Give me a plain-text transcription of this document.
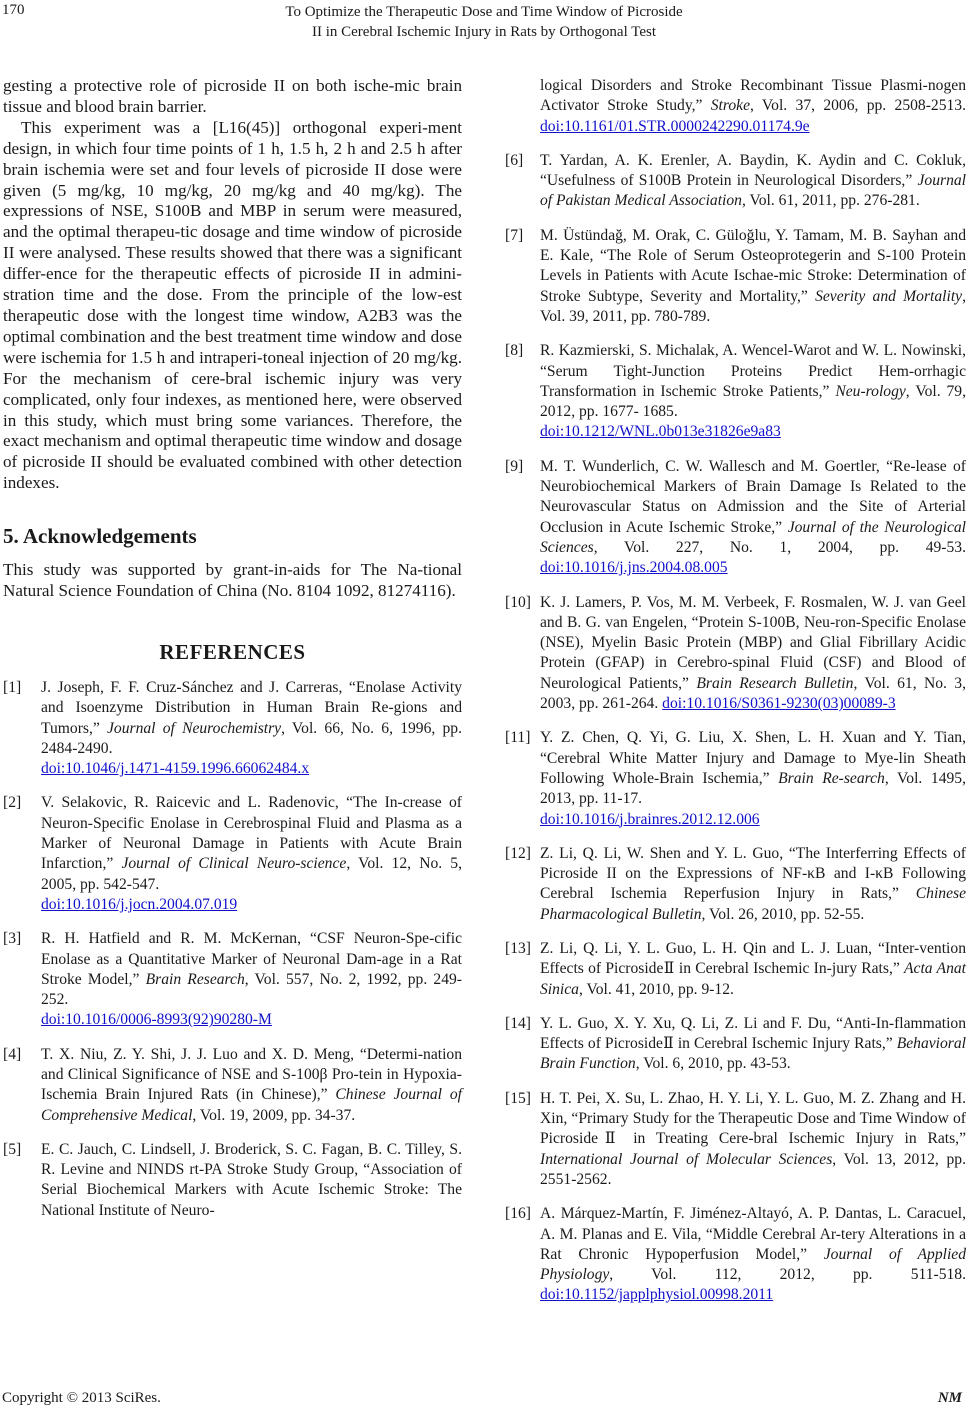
170	To Optimize the Therapeutic Dose and Time Window of Picroside
II in Cerebral Ischemic Injury in Rats by Orthogonal Test

gesting a protective role of picroside II on both ische-mic brain tissue and blood brain barrier.

This experiment was a [L16(45)] orthogonal experi-ment design, in which four time points of 1 h, 1.5 h, 2 h and 2.5 h after brain ischemia were set and four levels of picroside II dose were given (5 mg/kg, 10 mg/kg, 20 mg/kg and 40 mg/kg). The expressions of NSE, S100B and MBP in serum were measured, and the optimal therapeu-tic dosage and time window of picroside II were analysed. These results showed that there was a significant differ-ence for the therapeutic effects of picroside II in admini-stration time and the dose. From the principle of the low-est therapeutic dose with the longest time window, A2B3 was the optimal combination and the best treatment time window and dose were ischemia for 1.5 h and intraperi-toneal injection of 20 mg/kg. For the mechanism of cere-bral ischemic injury was very complicated, only four indexes, as mentioned here, were observed in this study, which must bring some variances. Therefore, the exact mechanism and optimal therapeutic time window and dosage of picroside II should be evaluated combined with other detection indexes.

5. Acknowledgements

This study was supported by grant-in-aids for The Na-tional Natural Science Foundation of China (No. 8104 1092, 81274116).

REFERENCES
[1] J. Joseph, F. F. Cruz-Sánchez and J. Carreras, “Enolase Activity and Isoenzyme Distribution in Human Brain Re-gions and Tumors,” Journal of Neurochemistry, Vol. 66, No. 6, 1996, pp. 2484-2490.
doi:10.1046/j.1471-4159.1996.66062484.x
[2] V. Selakovic, R. Raicevic and L. Radenovic, “The In-crease of Neuron-Specific Enolase in Cerebrospinal Fluid and Plasma as a Marker of Neuronal Damage in Patients with Acute Brain Infarction,” Journal of Clinical Neuro-science, Vol. 12, No. 5, 2005, pp. 542-547.
doi:10.1016/j.jocn.2004.07.019
[3] R. H. Hatfield and R. M. McKernan, “CSF Neuron-Spe-cific Enolase as a Quantitative Marker of Neuronal Dam-age in a Rat Stroke Model,” Brain Research, Vol. 557, No. 2, 1992, pp. 249-252.
doi:10.1016/0006-8993(92)90280-M
[4] T. X. Niu, Z. Y. Shi, J. J. Luo and X. D. Meng, “Determi-nation and Clinical Significance of NSE and S-100β Pro-tein in Hypoxia-Ischemia Brain Injured Rats (in Chinese),” Chinese Journal of Comprehensive Medical, Vol. 19, 2009, pp. 34-37.
[5] E. C. Jauch, C. Lindsell, J. Broderick, S. C. Fagan, B. C. Tilley, S. R. Levine and NINDS rt-PA Stroke Study Group, “Association of Serial Biochemical Markers with Acute Ischemic Stroke: The National Institute of Neuro-
logical Disorders and Stroke Recombinant Tissue Plasmi-nogen Activator Stroke Study,” Stroke, Vol. 37, 2006, pp. 2508-2513. doi:10.1161/01.STR.0000242290.01174.9e
[6] T. Yardan, A. K. Erenler, A. Baydin, K. Aydin and C. Cokluk, “Usefulness of S100B Protein in Neurological Disorders,” Journal of Pakistan Medical Association, Vol. 61, 2011, pp. 276-281.
[7] M. Üstündağ, M. Orak, C. Güloğlu, Y. Tamam, M. B. Sayhan and E. Kale, “The Role of Serum Osteoprotegerin and S-100 Protein Levels in Patients with Acute Ischae-mic Stroke: Determination of Stroke Subtype, Severity and Mortality,” Severity and Mortality, Vol. 39, 2011, pp. 780-789.
[8] R. Kazmierski, S. Michalak, A. Wencel-Warot and W. L. Nowinski, “Serum Tight-Junction Proteins Predict Hem-orrhagic Transformation in Ischemic Stroke Patients,” Neu-rology, Vol. 79, 2012, pp. 1677- 1685.
doi:10.1212/WNL.0b013e31826e9a83
[9] M. T. Wunderlich, C. W. Wallesch and M. Goertler, “Re-lease of Neurobiochemical Markers of Brain Damage Is Related to the Neurovascular Status on Admission and the Site of Arterial Occlusion in Acute Ischemic Stroke,” Journal of the Neurological Sciences, Vol. 227, No. 1, 2004, pp. 49-53. doi:10.1016/j.jns.2004.08.005
[10] K. J. Lamers, P. Vos, M. M. Verbeek, F. Rosmalen, W. J. van Geel and B. G. van Engelen, “Protein S-100B, Neu-ron-Specific Enolase (NSE), Myelin Basic Protein (MBP) and Glial Fibrillary Acidic Protein (GFAP) in Cerebro-spinal Fluid (CSF) and Blood of Neurological Patients,” Brain Research Bulletin, Vol. 61, No. 3, 2003, pp. 261-264. doi:10.1016/S0361-9230(03)00089-3
[11] Y. Z. Chen, Q. Yi, G. Liu, X. Shen, L. H. Xuan and Y. Tian, “Cerebral White Matter Injury and Damage to Mye-lin Sheath Following Whole-Brain Ischemia,” Brain Re-search, Vol. 1495, 2013, pp. 11-17.
doi:10.1016/j.brainres.2012.12.006
[12] Z. Li, Q. Li, W. Shen and Y. L. Guo, “The Interferring Effects of Picroside II on the Expressions of NF-κB and I-κB Following Cerebral Ischemia Reperfusion Injury in Rats,” Chinese Pharmacological Bulletin, Vol. 26, 2010, pp. 52-55.
[13] Z. Li, Q. Li, Y. L. Guo, L. H. Qin and L. J. Luan, “Inter-vention Effects of PicrosideⅡ in Cerebral Ischemic In-jury Rats,” Acta Anat Sinica, Vol. 41, 2010, pp. 9-12.
[14] Y. L. Guo, X. Y. Xu, Q. Li, Z. Li and F. Du, “Anti-In-flammation Effects of PicrosideⅡ in Cerebral Ischemic Injury Rats,” Behavioral Brain Function, Vol. 6, 2010, pp. 43-53.
[15] H. T. Pei, X. Su, L. Zhao, H. Y. Li, Y. L. Guo, M. Z. Zhang and H. Xin, “Primary Study for the Therapeutic Dose and Time Window of PicrosideⅡ in Treating Cere-bral Ischemic Injury in Rats,” International Journal of Molecular Sciences, Vol. 13, 2012, pp. 2551-2562.
[16] A. Márquez-Martín, F. Jiménez-Altayó, A. P. Dantas, L. Caracuel, A. M. Planas and E. Vila, “Middle Cerebral Ar-tery Alterations in a Rat Chronic Hypoperfusion Model,” Journal of Applied Physiology, Vol. 112, 2012, pp. 511-518. doi:10.1152/japplphysiol.00998.2011
Copyright © 2013 SciRes.	NM
